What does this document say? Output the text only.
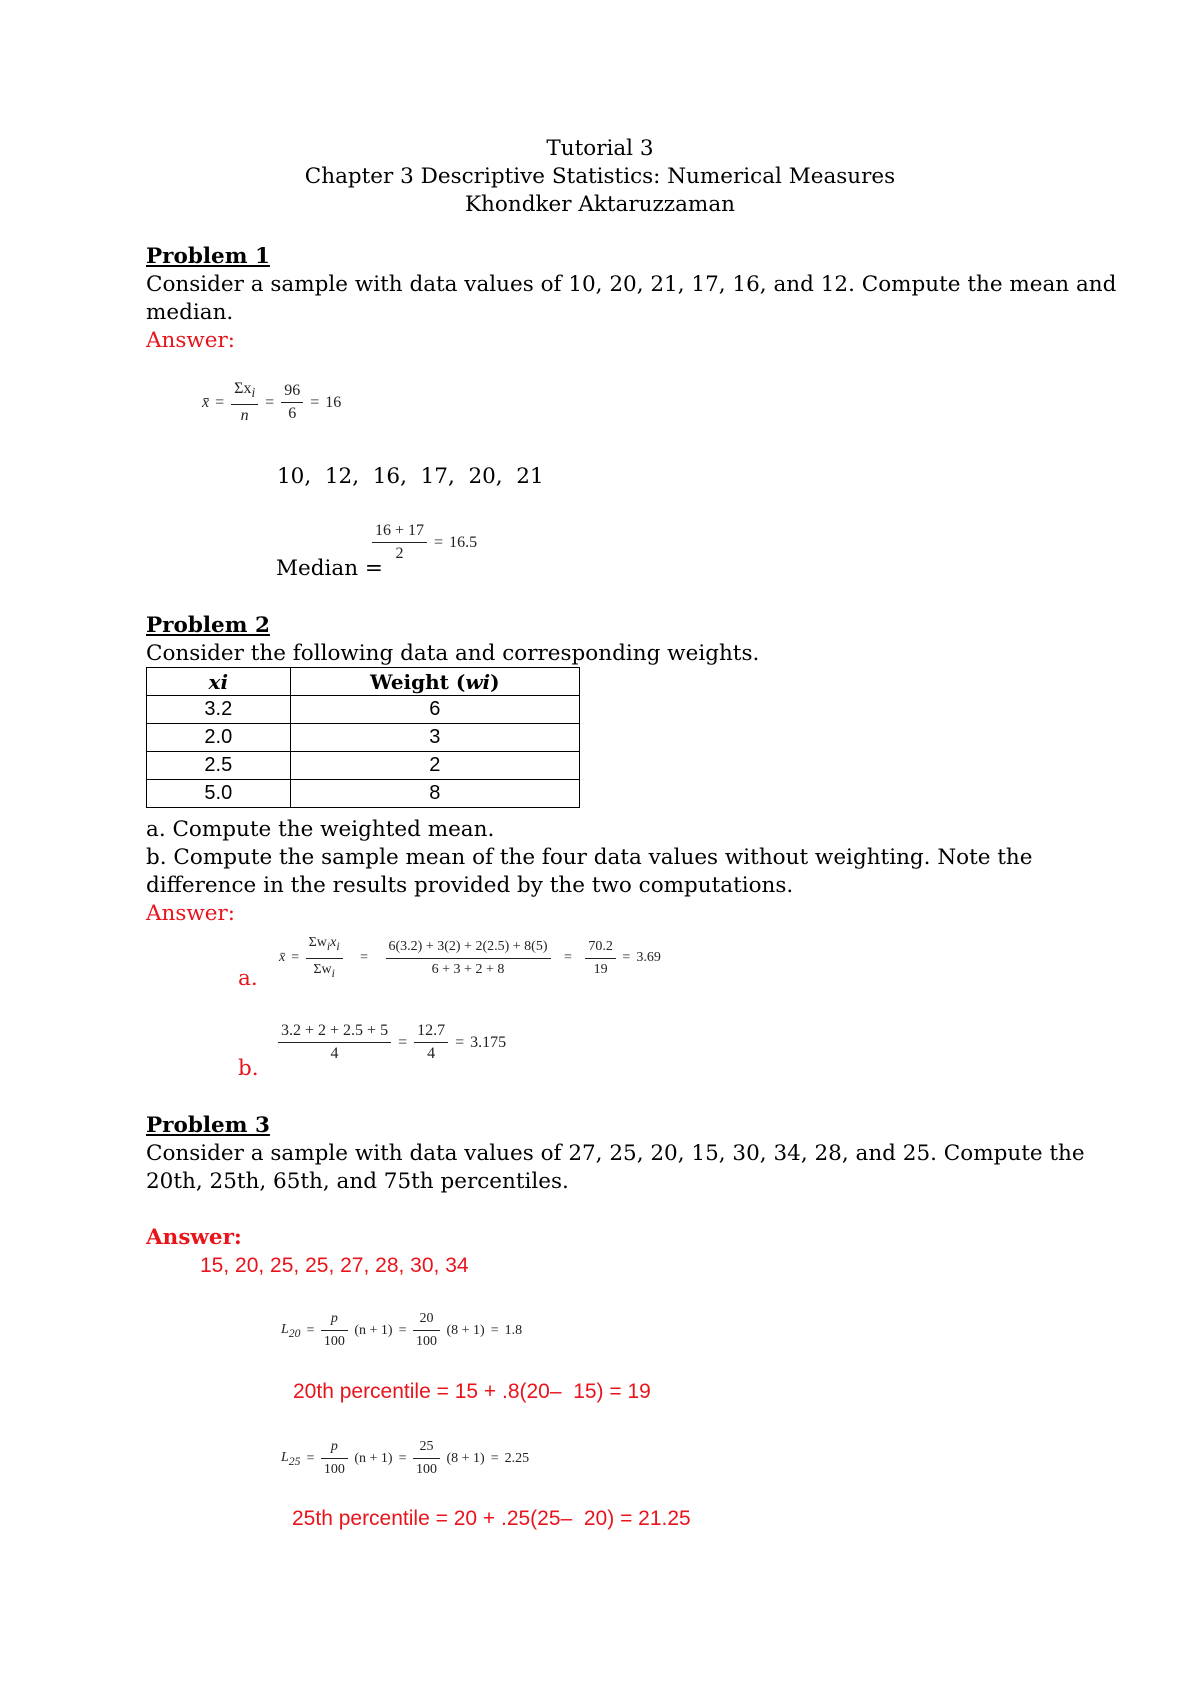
Tutorial 3
Chapter 3 Descriptive Statistics: Numerical Measures
Khondker Aktaruzzaman
Problem 1
Consider a sample with data values of 10, 20, 21, 17, 16, and 12. Compute the mean and
median.
Answer:
x̄ = $\frac{\Sigma x_i}{n} = \frac{96}{6} = 16$
10,  12,  16,  17,  20,  21
$\frac{16 + 17}{2} = 16.5$
Median =
Problem 2
Consider the following data and corresponding weights.
xi	Weight (wi)
3.2	6
2.0	3
2.5	2
5.0	8
a. Compute the weighted mean.
b. Compute the sample mean of the four data values without weighting. Note the
difference in the results provided by the two computations.
Answer:
a.
x̄ = $\frac{\Sigma w_ix_i}{\Sigma w_i} = \frac{6(3.2) + 3(2) + 2(2.5) + 8(5)}{6 + 3 + 2 + 8} = \frac{70.2}{19} = 3.69$
b.
$\frac{3.2 + 2 + 2.5 + 5}{4} = \frac{12.7}{4} = 3.175$
Problem 3
Consider a sample with data values of 27, 25, 20, 15, 30, 34, 28, and 25. Compute the
20th, 25th, 65th, and 75th percentiles.
Answer:
15, 20, 25, 25, 27, 28, 30, 34
$L_{20} = \frac{p}{100} (n + 1) = \frac{20}{100} (8 + 1) = 1.8$
20th percentile = 15 + .8(20–  15) = 19
$L_{25} = \frac{p}{100} (n + 1) = \frac{25}{100} (8 + 1) = 2.25$
25th percentile = 20 + .25(25–  20) = 21.25
